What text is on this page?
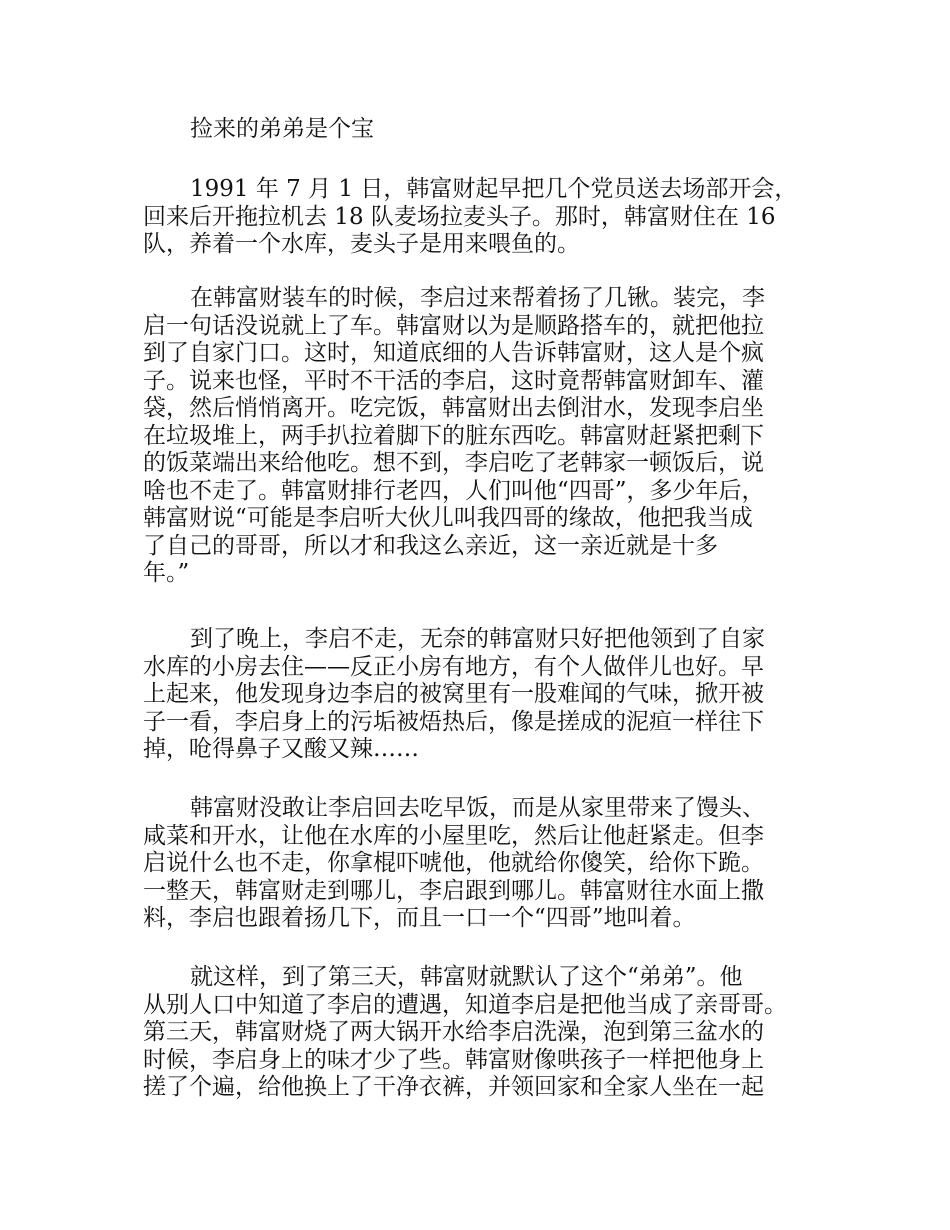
捡来的弟弟是个宝
1991 年 7 月 1 日，韩富财起早把几个党员送去场部开会，
回来后开拖拉机去 18 队麦场拉麦头子。那时，韩富财住在 16
队，养着一个水库，麦头子是用来喂鱼的。
在韩富财装车的时候，李启过来帮着扬了几锹。装完，李
启一句话没说就上了车。韩富财以为是顺路搭车的，就把他拉
到了自家门口。这时，知道底细的人告诉韩富财，这人是个疯
子。说来也怪，平时不干活的李启，这时竟帮韩富财卸车、灌
袋，然后悄悄离开。吃完饭，韩富财出去倒泔水，发现李启坐
在垃圾堆上，两手扒拉着脚下的脏东西吃。韩富财赶紧把剩下
的饭菜端出来给他吃。想不到，李启吃了老韩家一顿饭后，说
啥也不走了。韩富财排行老四，人们叫他“四哥”，多少年后，
韩富财说“可能是李启听大伙儿叫我四哥的缘故，他把我当成
了自己的哥哥，所以才和我这么亲近，这一亲近就是十多
年。”
到了晚上，李启不走，无奈的韩富财只好把他领到了自家
水库的小房去住——反正小房有地方，有个人做伴儿也好。早
上起来，他发现身边李启的被窝里有一股难闻的气味，掀开被
子一看，李启身上的污垢被焐热后，像是搓成的泥疸一样往下
掉，呛得鼻子又酸又辣……
韩富财没敢让李启回去吃早饭，而是从家里带来了馒头、
咸菜和开水，让他在水库的小屋里吃，然后让他赶紧走。但李
启说什么也不走，你拿棍吓唬他，他就给你傻笑，给你下跪。
一整天，韩富财走到哪儿，李启跟到哪儿。韩富财往水面上撒
料，李启也跟着扬几下，而且一口一个“四哥”地叫着。
就这样，到了第三天，韩富财就默认了这个“弟弟”。他
从别人口中知道了李启的遭遇，知道李启是把他当成了亲哥哥。
第三天，韩富财烧了两大锅开水给李启洗澡，泡到第三盆水的
时候，李启身上的味才少了些。韩富财像哄孩子一样把他身上
搓了个遍，给他换上了干净衣裤，并领回家和全家人坐在一起
